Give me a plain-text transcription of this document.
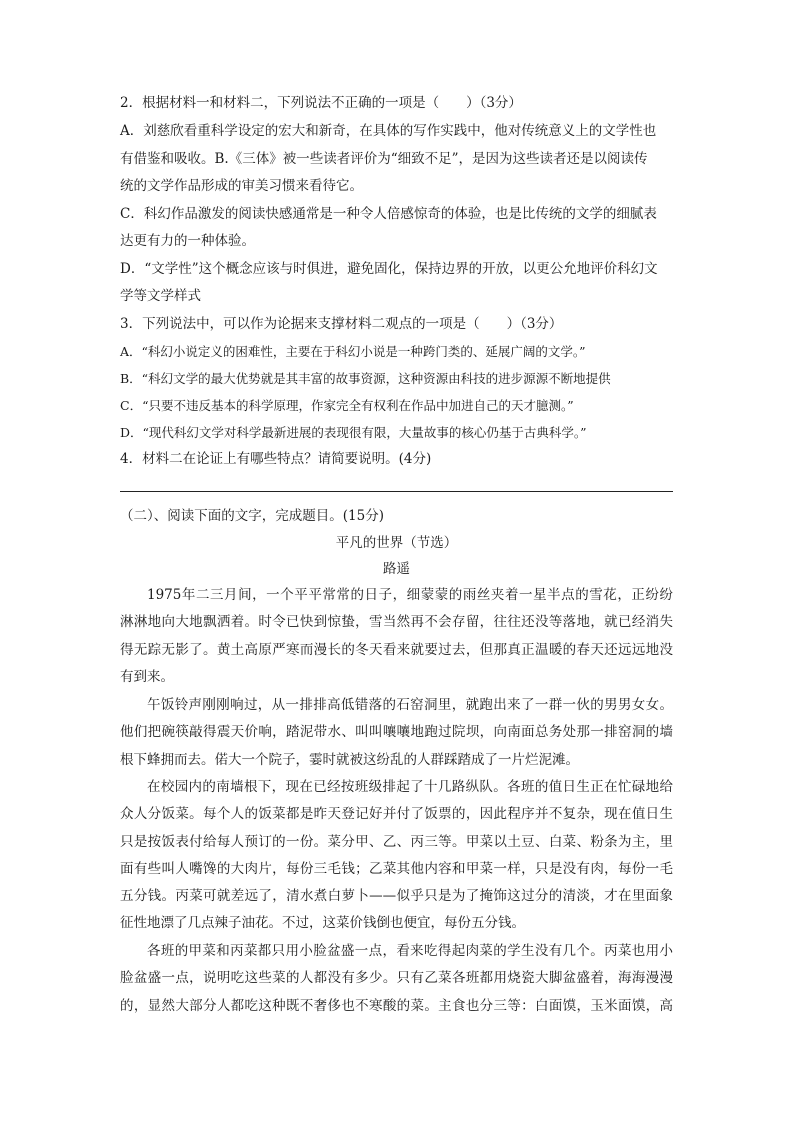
2．根据材料一和材料二，下列说法不正确的一项是（　　）（3分）
A．刘慈欣看重科学设定的宏大和新奇，在具体的写作实践中，他对传统意义上的文学性也
有借鉴和吸收。B.《三体》被一些读者评价为“细致不足”，是因为这些读者还是以阅读传
统的文学作品形成的审美习惯来看待它。
C．科幻作品激发的阅读快感通常是一种令人倍感惊奇的体验，也是比传统的文学的细腻表
达更有力的一种体验。
D．“文学性”这个概念应该与时俱进，避免固化，保持边界的开放，以更公允地评价科幻文
学等文学样式
3．下列说法中，可以作为论据来支撑材料二观点的一项是（　　）（3分）
A．“科幻小说定义的困难性，主要在于科幻小说是一种跨门类的、延展广阔的文学。”
B．“科幻文学的最大优势就是其丰富的故事资源，这种资源由科技的进步源源不断地提供
C．“只要不违反基本的科学原理，作家完全有权利在作品中加进自己的天才臆测。”
D．“现代科幻文学对科学最新进展的表现很有限，大量故事的核心仍基于古典科学。”
4．材料二在论证上有哪些特点？请简要说明。(4分)
（二）、阅读下面的文字，完成题目。(15分)
平凡的世界（节选）
路遥
1975年二三月间，一个平平常常的日子，细蒙蒙的雨丝夹着一星半点的雪花，正纷纷
淋淋地向大地飘洒着。时令已快到惊蛰，雪当然再不会存留，往往还没等落地，就已经消失
得无踪无影了。黄土高原严寒而漫长的冬天看来就要过去，但那真正温暖的春天还远远地没
有到来。
午饭铃声刚刚响过，从一排排高低错落的石窑洞里，就跑出来了一群一伙的男男女女。
他们把碗筷敲得震天价响，踏泥带水、叫叫嚷嚷地跑过院坝，向南面总务处那一排窑洞的墙
根下蜂拥而去。偌大一个院子，霎时就被这纷乱的人群踩踏成了一片烂泥滩。
在校园内的南墙根下，现在已经按班级排起了十几路纵队。各班的值日生正在忙碌地给
众人分饭菜。每个人的饭菜都是昨天登记好并付了饭票的，因此程序并不复杂，现在值日生
只是按饭表付给每人预订的一份。菜分甲、乙、丙三等。甲菜以土豆、白菜、粉条为主，里
面有些叫人嘴馋的大肉片，每份三毛钱；乙菜其他内容和甲菜一样，只是没有肉，每份一毛
五分钱。丙菜可就差远了，清水煮白萝卜——似乎只是为了掩饰这过分的清淡，才在里面象
征性地漂了几点辣子油花。不过，这菜价钱倒也便宜，每份五分钱。
各班的甲菜和丙菜都只用小脸盆盛一点，看来吃得起肉菜的学生没有几个。丙菜也用小
脸盆盛一点，说明吃这些菜的人都没有多少。只有乙菜各班都用烧瓷大脚盆盛着，海海漫漫
的，显然大部分人都吃这种既不奢侈也不寒酸的菜。主食也分三等：白面馍，玉米面馍，高
